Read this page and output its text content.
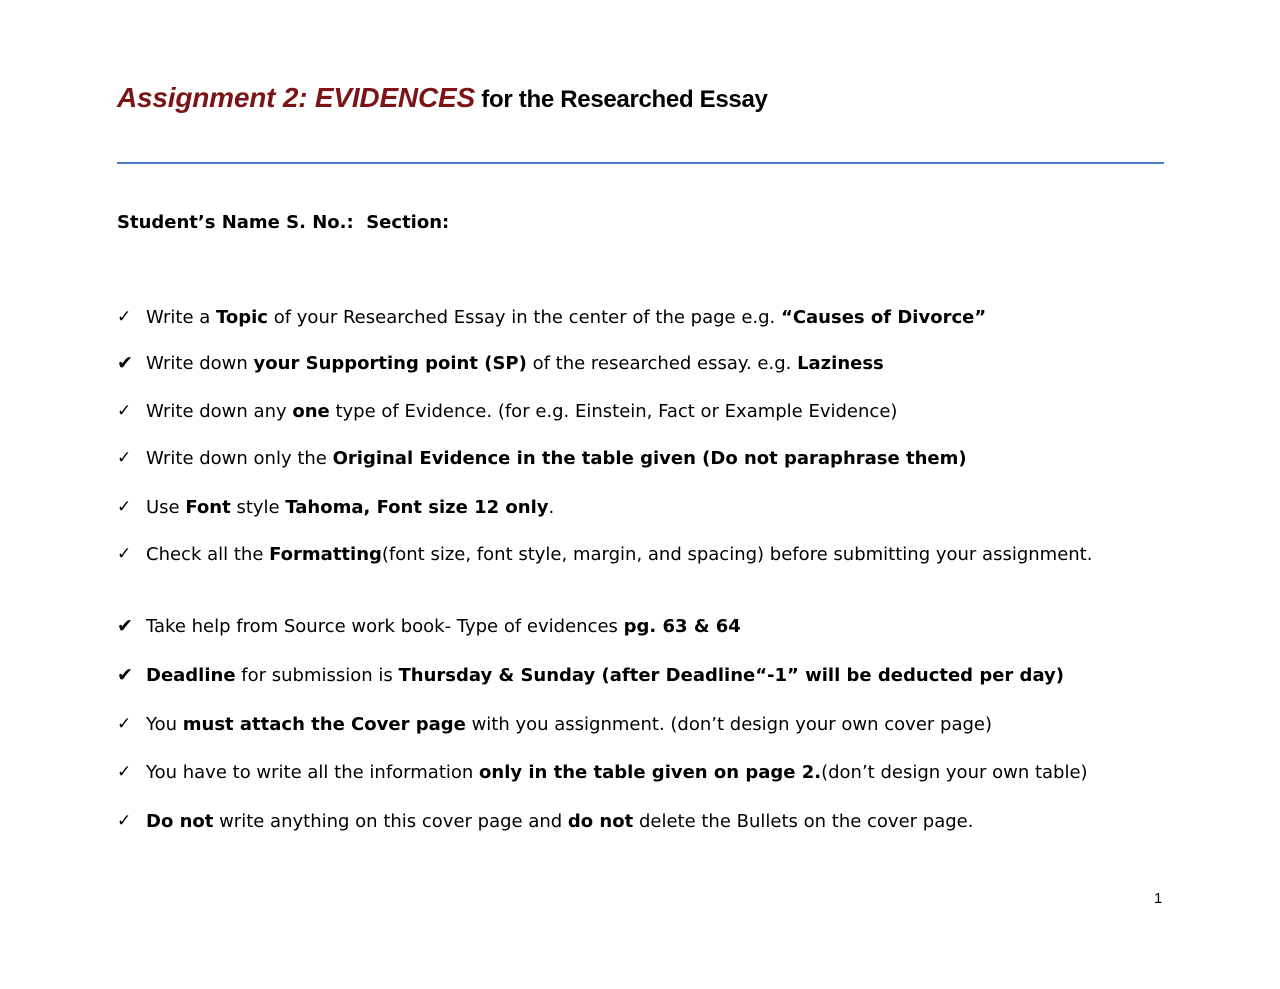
Assignment 2: EVIDENCES for the Researched Essay
Student’s Name S. No.:  Section:
✓ Write a Topic of your Researched Essay in the center of the page e.g. “Causes of Divorce”
✔ Write down your Supporting point (SP) of the researched essay. e.g. Laziness
✓ Write down any one type of Evidence. (for e.g. Einstein, Fact or Example Evidence)
✓ Write down only the Original Evidence in the table given (Do not paraphrase them)
✓ Use Font style Tahoma, Font size 12 only.
✓ Check all the Formatting(font size, font style, margin, and spacing) before submitting your assignment.
✔ Take help from Source work book- Type of evidences pg. 63 & 64
✔ Deadline for submission is Thursday & Sunday (after Deadline“-1” will be deducted per day)
✓ You must attach the Cover page with you assignment. (don’t design your own cover page)
✓ You have to write all the information only in the table given on page 2.(don’t design your own table)
✓ Do not write anything on this cover page and do not delete the Bullets on the cover page.
1
